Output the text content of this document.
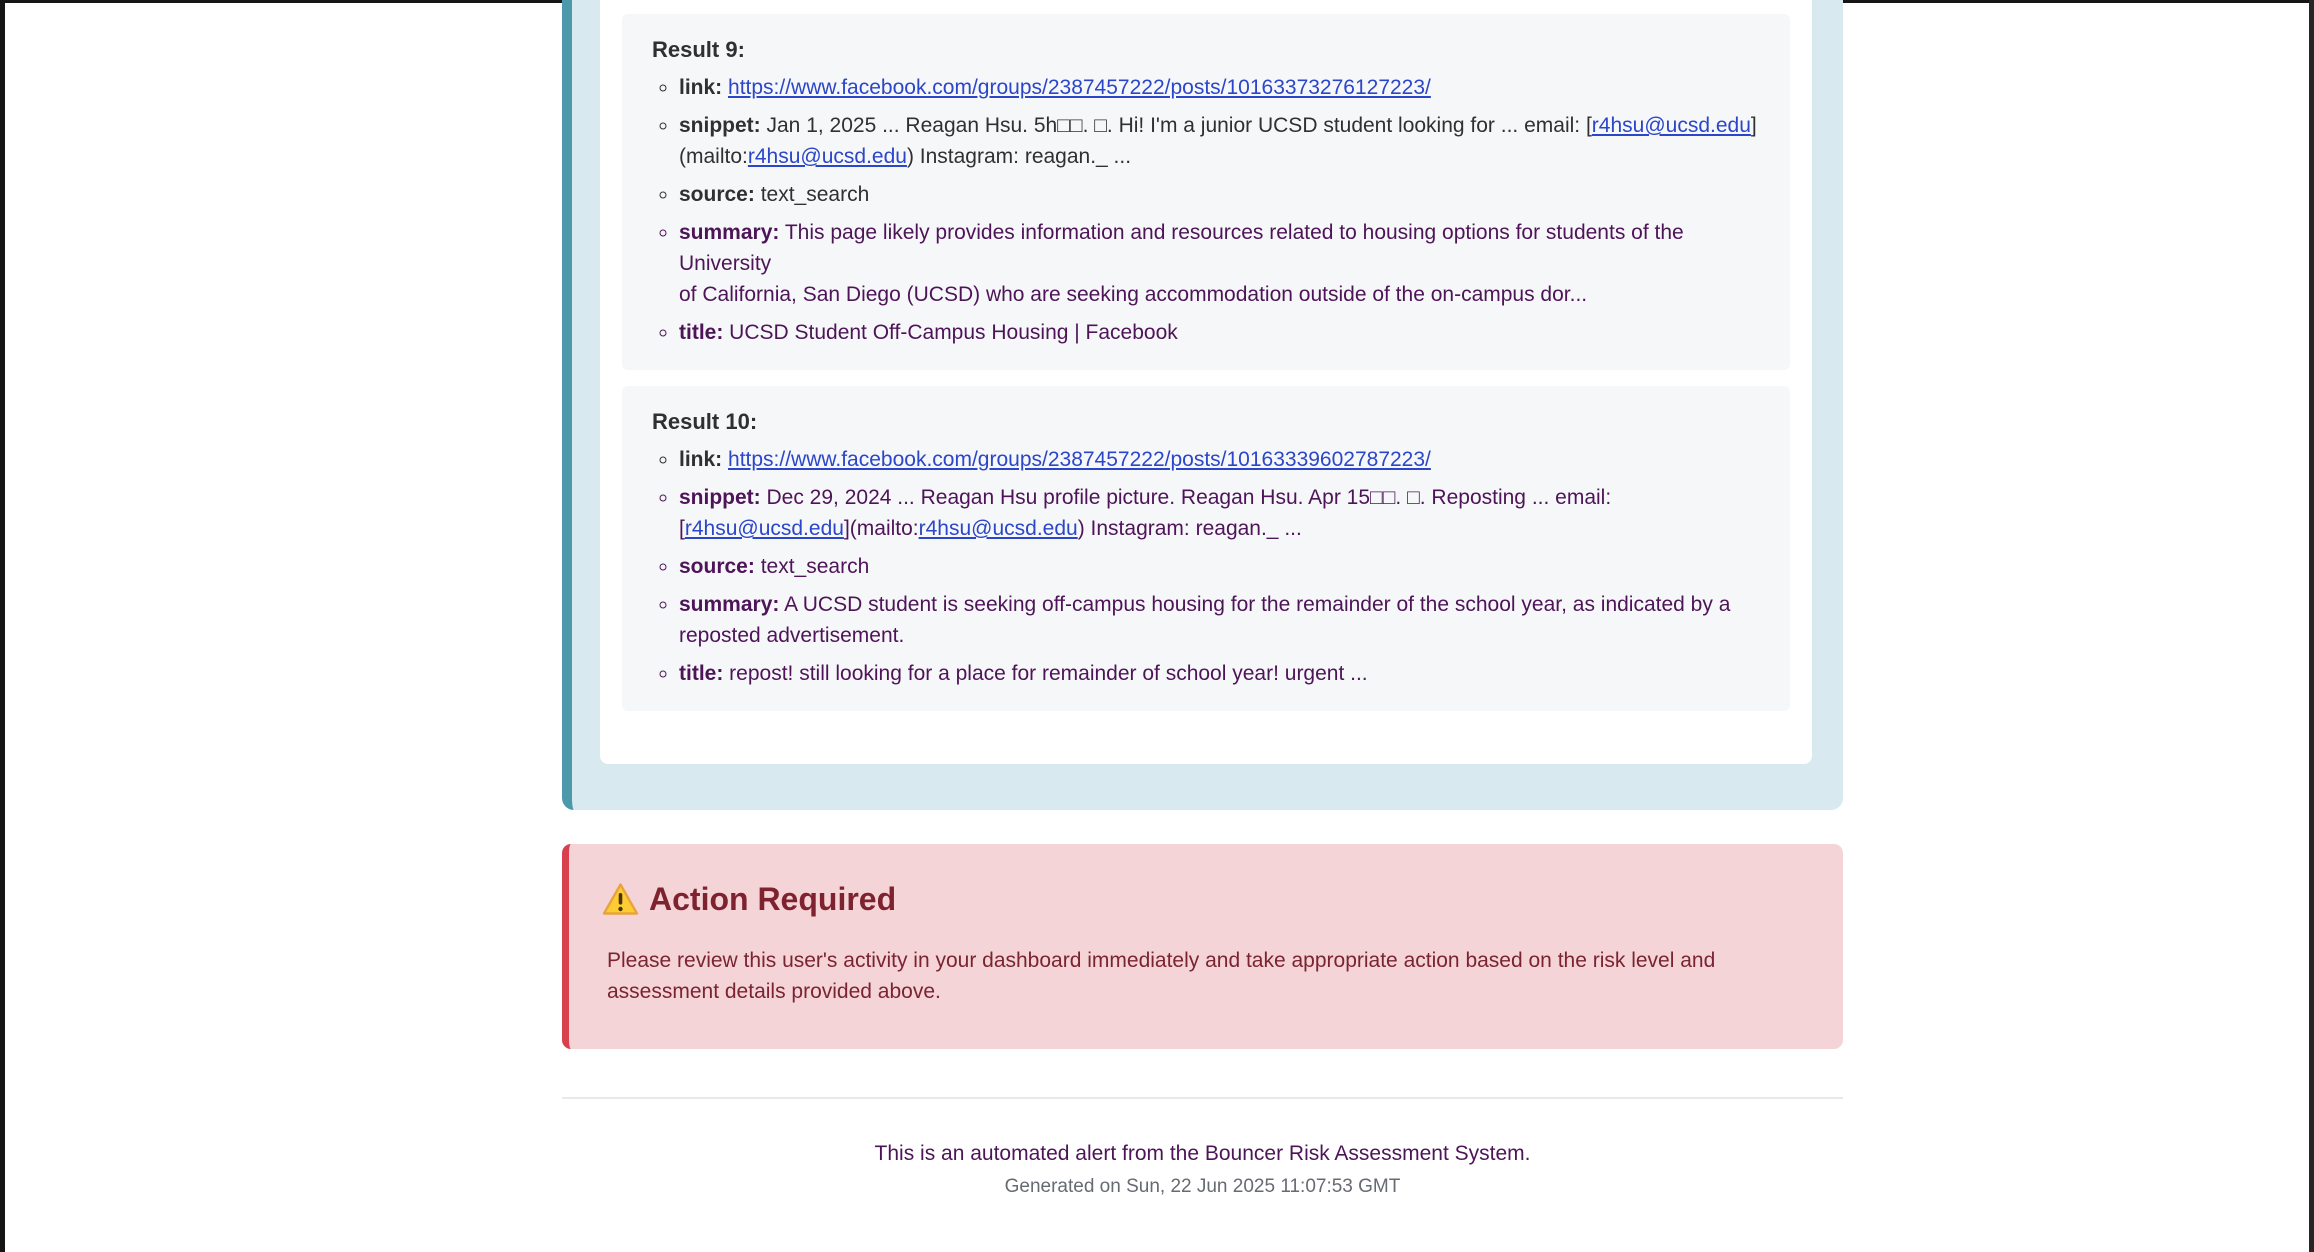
Result 9:
◦ link: https://www.facebook.com/groups/2387457222/posts/10163373276127223/
◦ snippet: Jan 1, 2025 ... Reagan Hsu. 5h□□. □. Hi! I'm a junior UCSD student looking for ... email: [r4hsu@ucsd.edu]
(mailto:r4hsu@ucsd.edu) Instagram: reagan._ ...
◦ source: text_search
◦ summary: This page likely provides information and resources related to housing options for students of the University
of California, San Diego (UCSD) who are seeking accommodation outside of the on-campus dor...
◦ title: UCSD Student Off-Campus Housing | Facebook
Result 10:
◦ link: https://www.facebook.com/groups/2387457222/posts/10163339602787223/
◦ snippet: Dec 29, 2024 ... Reagan Hsu profile picture. Reagan Hsu. Apr 15□□. □. Reposting ... email:
[r4hsu@ucsd.edu](mailto:r4hsu@ucsd.edu) Instagram: reagan._ ...
◦ source: text_search
◦ summary: A UCSD student is seeking off-campus housing for the remainder of the school year, as indicated by a
reposted advertisement.
◦ title: repost! still looking for a place for remainder of school year! urgent ...
Action Required

Please review this user's activity in your dashboard immediately and take appropriate action based on the risk level and
assessment details provided above.

This is an automated alert from the Bouncer Risk Assessment System.

Generated on Sun, 22 Jun 2025 11:07:53 GMT
